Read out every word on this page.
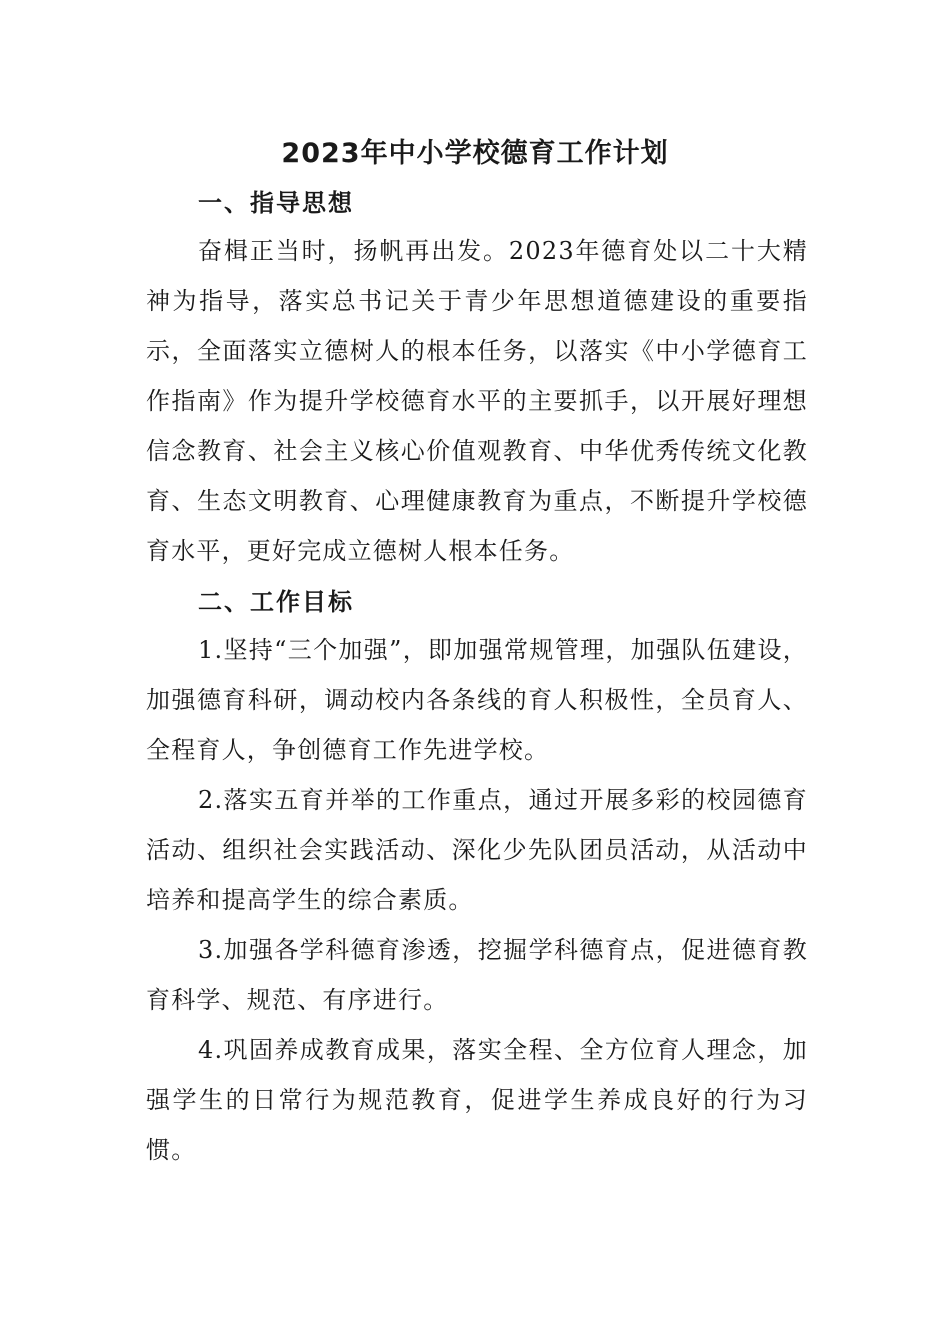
2023年中小学校德育工作计划
一、指导思想

奋楫正当时，扬帆再出发。2023年德育处以二十大精神为指导，落实总书记关于青少年思想道德建设的重要指示，全面落实立德树人的根本任务，以落实《中小学德育工作指南》作为提升学校德育水平的主要抓手，以开展好理想信念教育、社会主义核心价值观教育、中华优秀传统文化教育、生态文明教育、心理健康教育为重点，不断提升学校德育水平，更好完成立德树人根本任务。

二、工作目标

1.坚持“三个加强”，即加强常规管理，加强队伍建设，加强德育科研，调动校内各条线的育人积极性，全员育人、全程育人，争创德育工作先进学校。

2.落实五育并举的工作重点，通过开展多彩的校园德育活动、组织社会实践活动、深化少先队团员活动，从活动中培养和提高学生的综合素质。

3.加强各学科德育渗透，挖掘学科德育点，促进德育教育科学、规范、有序进行。

4.巩固养成教育成果，落实全程、全方位育人理念，加强学生的日常行为规范教育，促进学生养成良好的行为习惯。
